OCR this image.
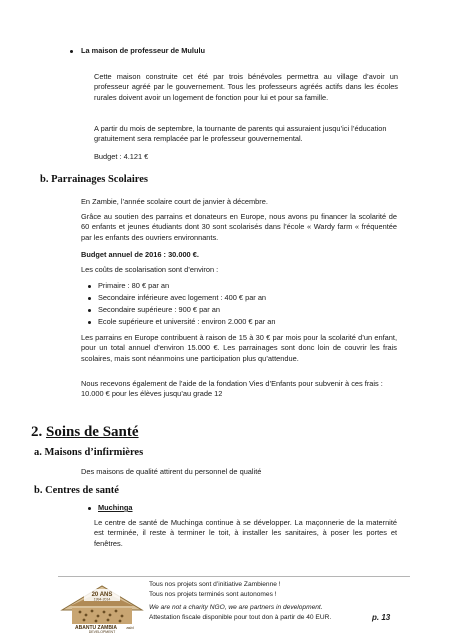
La maison de professeur de Mululu

Cette maison construite cet été par trois bénévoles permettra au village d’avoir un professeur agréé par le gouvernement. Tous les professeurs agréés actifs dans les écoles rurales doivent avoir un logement de fonction pour lui et pour sa famille.

A partir du mois de septembre, la tournante de parents qui assuraient jusqu’ici l’éducation gratuitement sera remplacée par le professeur gouvernemental.

Budget : 4.121 €

b. Parrainages Scolaires

En Zambie, l’année scolaire court de janvier à décembre.

Grâce au soutien des parrains et donateurs en Europe, nous avons pu financer la scolarité de 60 enfants et jeunes étudiants dont 30 sont scolarisés dans l’école « Wardy farm « fréquentée par les enfants des ouvriers environnants.

Budget annuel de 2016 : 30.000 €.

Les coûts de scolarisation sont d’environ :

Primaire : 80 € par an
Secondaire inférieure avec logement : 400 € par an
Secondaire supérieure : 900 € par an
Ecole supérieure et université : environ 2.000 € par an

Les parrains en Europe contribuent à raison de 15 à 30 € par mois pour la scolarité d’un enfant, pour un total annuel d’environ 15.000 €. Les parrainages sont donc loin de couvrir les frais scolaires, mais sont néanmoins une participation plus qu’attendue.

Nous recevons également de l’aide de la fondation Vies d’Enfants pour subvenir à ces frais : 10.000 € pour les élèves jusqu’au grade 12

2. Soins de Santé
a. Maisons d’infirmières

Des maisons de qualité attirent du personnel de qualité

b. Centres de santé
Muchinga

Le centre de santé de Muchinga continue à se développer. La maçonnerie de la maternité est terminée, il reste à terminer le toit, à installer les sanitaires, à poser les portes et fenêtres.

20 ANS
1994-2014
ABANTU ZAMBIA asbl
DEVELOPMENT
Tous nos projets sont d’initiative Zambienne !
Tous nos projets terminés sont autonomes !
We are not a charity NGO, we are partners in development.
Attestation fiscale disponible pour tout don à partir de 40 EUR.	p. 13
